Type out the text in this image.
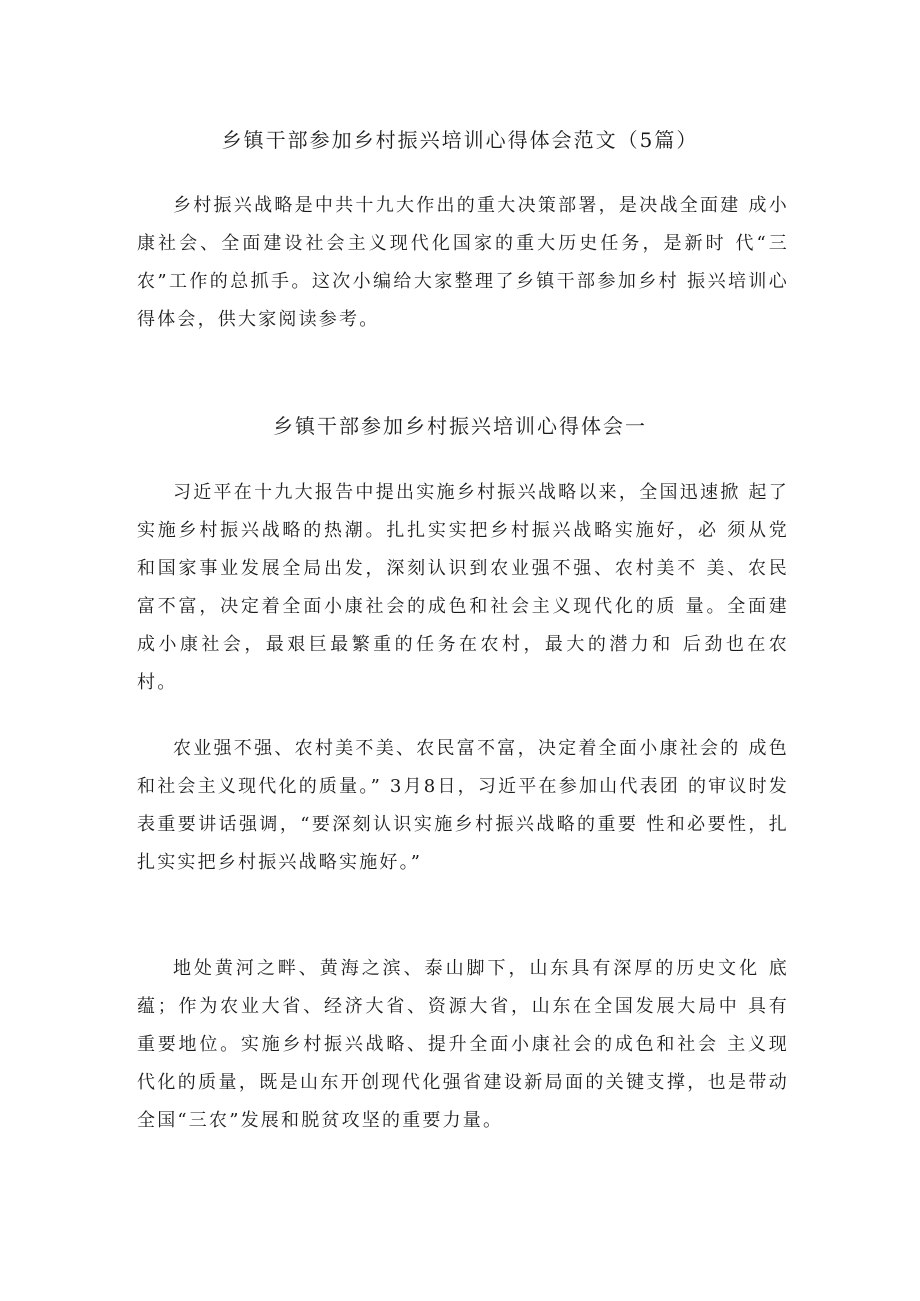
乡镇干部参加乡村振兴培训心得体会范文（5篇）

乡村振兴战略是中共十九大作出的重大决策部署，是决战全面建 成小康社会、全面建设社会主义现代化国家的重大历史任务，是新时 代“三农”工作的总抓手。这次小编给大家整理了乡镇干部参加乡村 振兴培训心得体会，供大家阅读参考。

乡镇干部参加乡村振兴培训心得体会一

习近平在十九大报告中提出实施乡村振兴战略以来，全国迅速掀 起了实施乡村振兴战略的热潮。扎扎实实把乡村振兴战略实施好，必 须从党和国家事业发展全局出发，深刻认识到农业强不强、农村美不 美、农民富不富，决定着全面小康社会的成色和社会主义现代化的质 量。全面建成小康社会，最艰巨最繁重的任务在农村，最大的潜力和 后劲也在农村。

农业强不强、农村美不美、农民富不富，决定着全面小康社会的 成色和社会主义现代化的质量。” 3月8日，习近平在参加山代表团 的审议时发表重要讲话强调，“要深刻认识实施乡村振兴战略的重要 性和必要性，扎扎实实把乡村振兴战略实施好。”

地处黄河之畔、黄海之滨、泰山脚下，山东具有深厚的历史文化 底蕴；作为农业大省、经济大省、资源大省，山东在全国发展大局中 具有重要地位。实施乡村振兴战略、提升全面小康社会的成色和社会 主义现代化的质量，既是山东开创现代化强省建设新局面的关键支撑，也是带动全国“三农”发展和脱贫攻坚的重要力量。
